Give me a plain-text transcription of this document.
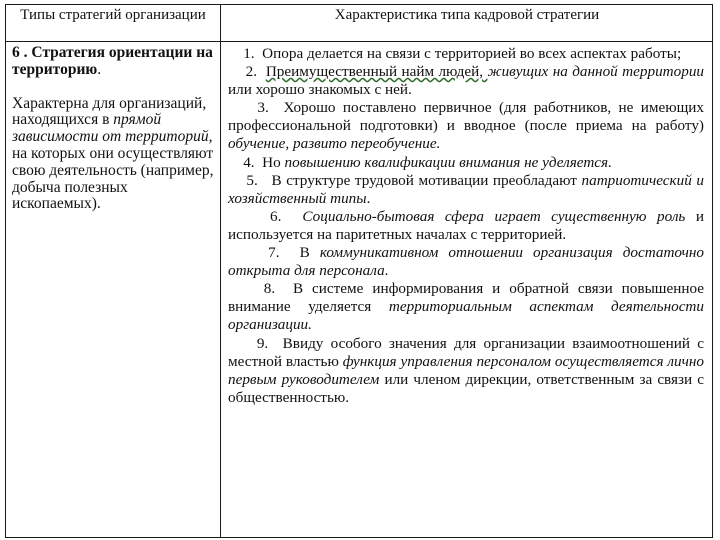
Типы стратегий организации	Характеристика типа кадровой стратегии

6 . Стратегия ориентации на территорию.

Характерна для организаций, находящихся в прямой зависимости от территорий, на которых они осуществляют свою деятельность (например, добыча полезных ископаемых).

1.  Опора делается на связи с территорией во всех аспектах работы;

2.  Преимущественный найм людей, живущих на данной территории или хорошо знакомых с ней.

3.  Хорошо поставлено первичное (для работников, не имеющих профессиональной подготовки) и вводное (после приема на работу) обучение, развито переобучение.

4.  Но повышению квалификации внимания не уделяется.

5.   В структуре трудовой мотивации преобладают патриотический и хозяйственный типы.

6.  Социально-бытовая сфера играет существенную роль и используется на паритетных началах с территорией.

7.  В коммуникативном отношении организация достаточно открыта для персонала.

8.  В системе информирования и обратной связи повышенное внимание уделяется территориальным аспектам деятельности организации.

9.  Ввиду особого значения для организации взаимоотношений с местной властью функция управления персоналом осуществляется лично первым руководителем или членом дирекции, ответственным за связи с общественностью.
